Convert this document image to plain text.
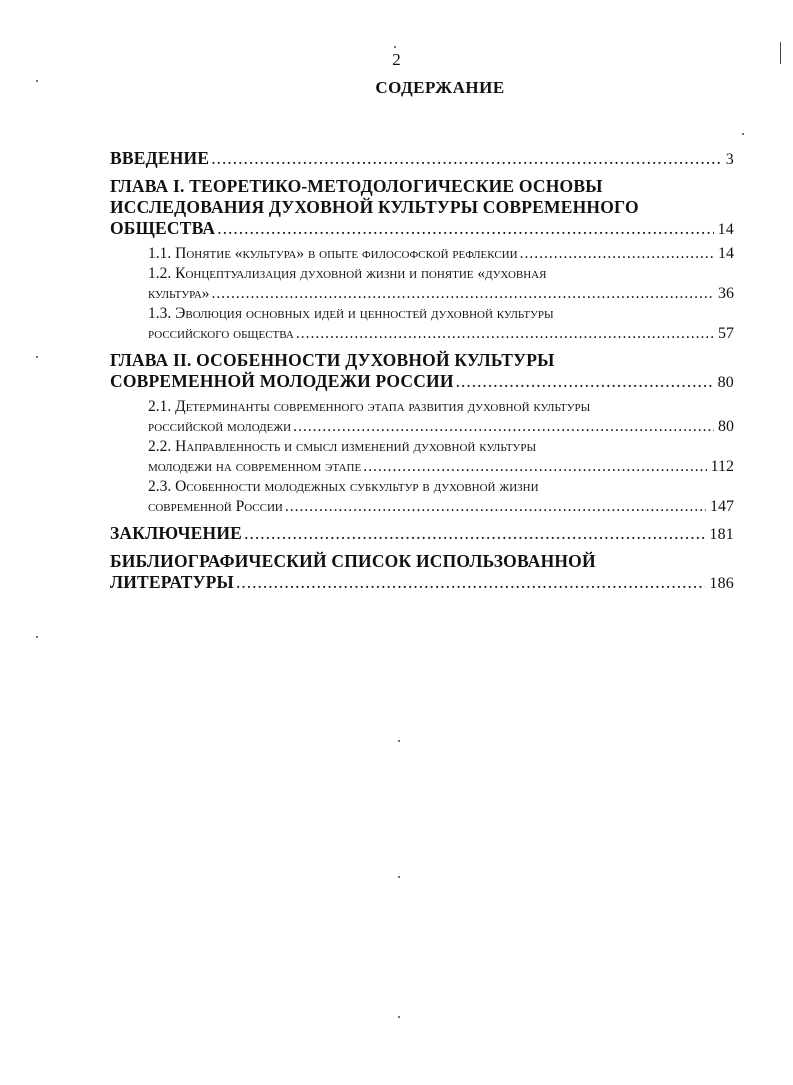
2
СОДЕРЖАНИЕ
ВВЕДЕНИЕ .....	3
ГЛАВА I. ТЕОРЕТИКО-МЕТОДОЛОГИЧЕСКИЕ ОСНОВЫ
ИССЛЕДОВАНИЯ ДУХОВНОЙ КУЛЬТУРЫ СОВРЕМЕННОГО
ОБЩЕСТВА .....	14
1.1. Понятие «культура» в опыте философской рефлексии .....	14
1.2. Концептуализация духовной жизни и понятие «духовная
культура» .....	36
1.3. Эволюция основных идей и ценностей духовной культуры
российского общества .....	57
ГЛАВА II. ОСОБЕННОСТИ ДУХОВНОЙ КУЛЬТУРЫ
СОВРЕМЕННОЙ МОЛОДЕЖИ РОССИИ .....	80
2.1. Детерминанты современного этапа развития духовной культуры
российской молодежи .....	80
2.2. Направленность и смысл изменений духовной культуры
молодежи на современном этапе .....	112
2.3. Особенности молодежных субкультур в духовной жизни
современной России .....	147
ЗАКЛЮЧЕНИЕ .....	181
БИБЛИОГРАФИЧЕСКИЙ СПИСОК ИСПОЛЬЗОВАННОЙ
ЛИТЕРАТУРЫ .....	186
